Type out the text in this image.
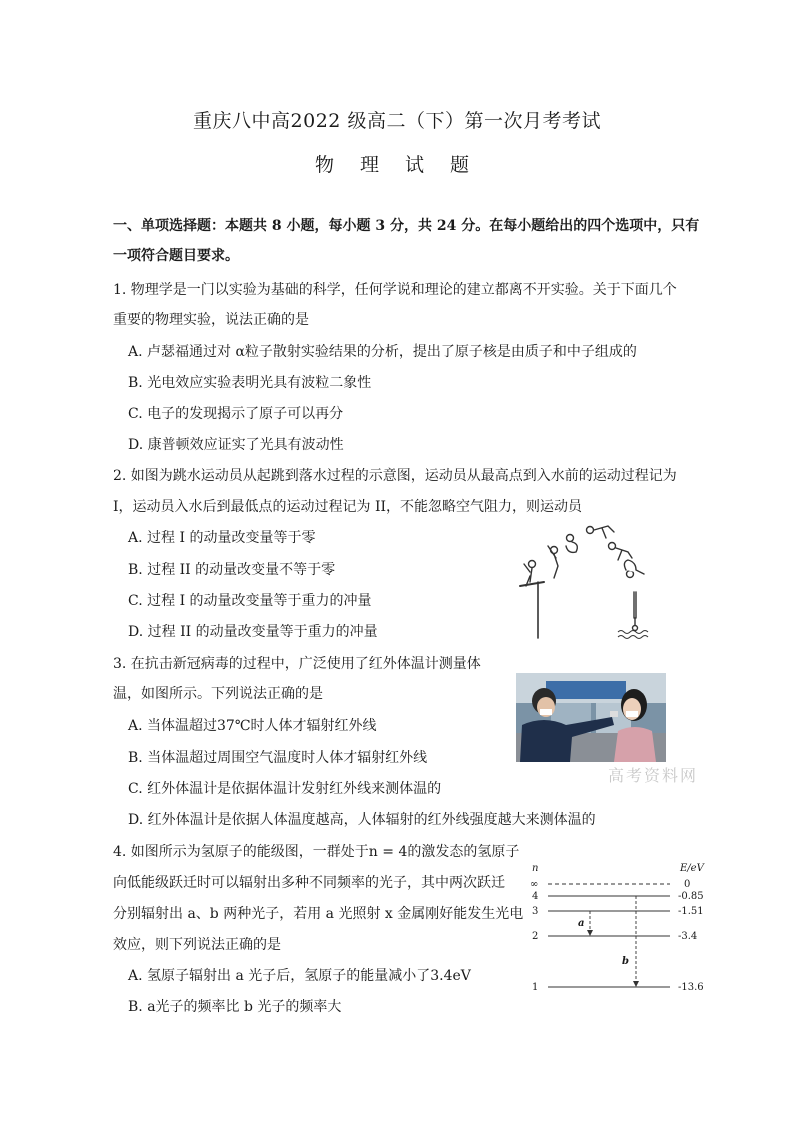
重庆八中高2022 级高二（下）第一次月考考试
物 理 试 题
一、单项选择题：本题共 8 小题，每小题 3 分，共 24 分。在每小题给出的四个选项中，只有
一项符合题目要求。
1. 物理学是一门以实验为基础的科学，任何学说和理论的建立都离不开实验。关于下面几个
重要的物理实验，说法正确的是
A. 卢瑟福通过对 α粒子散射实验结果的分析，提出了原子核是由质子和中子组成的
B. 光电效应实验表明光具有波粒二象性
C. 电子的发现揭示了原子可以再分
D. 康普顿效应证实了光具有波动性
2. 如图为跳水运动员从起跳到落水过程的示意图，运动员从最高点到入水前的运动过程记为
I，运动员入水后到最低点的运动过程记为 II，不能忽略空气阻力，则运动员
A. 过程 I 的动量改变量等于零
B. 过程 II 的动量改变量不等于零
C. 过程 I 的动量改变量等于重力的冲量
D. 过程 II 的动量改变量等于重力的冲量
3. 在抗击新冠病毒的过程中，广泛使用了红外体温计测量体
温，如图所示。下列说法正确的是
A. 当体温超过37℃时人体才辐射红外线
B. 当体温超过周围空气温度时人体才辐射红外线
C. 红外体温计是依据体温计发射红外线来测体温的
D. 红外体温计是依据人体温度越高，人体辐射的红外线强度越大来测体温的
高考资料网
4. 如图所示为氢原子的能级图，一群处于n = 4的激发态的氢原子
向低能级跃迁时可以辐射出多种不同频率的光子，其中两次跃迁
分别辐射出 a、b 两种光子，若用 a 光照射 x 金属刚好能发生光电
效应，则下列说法正确的是
A. 氢原子辐射出 a 光子后，氢原子的能量减小了3.4eV
B. a光子的频率比 b 光子的频率大
n	E/eV
∞	0
4	-0.85
3	-1.51
2	-3.4
1	-13.6
a
b
